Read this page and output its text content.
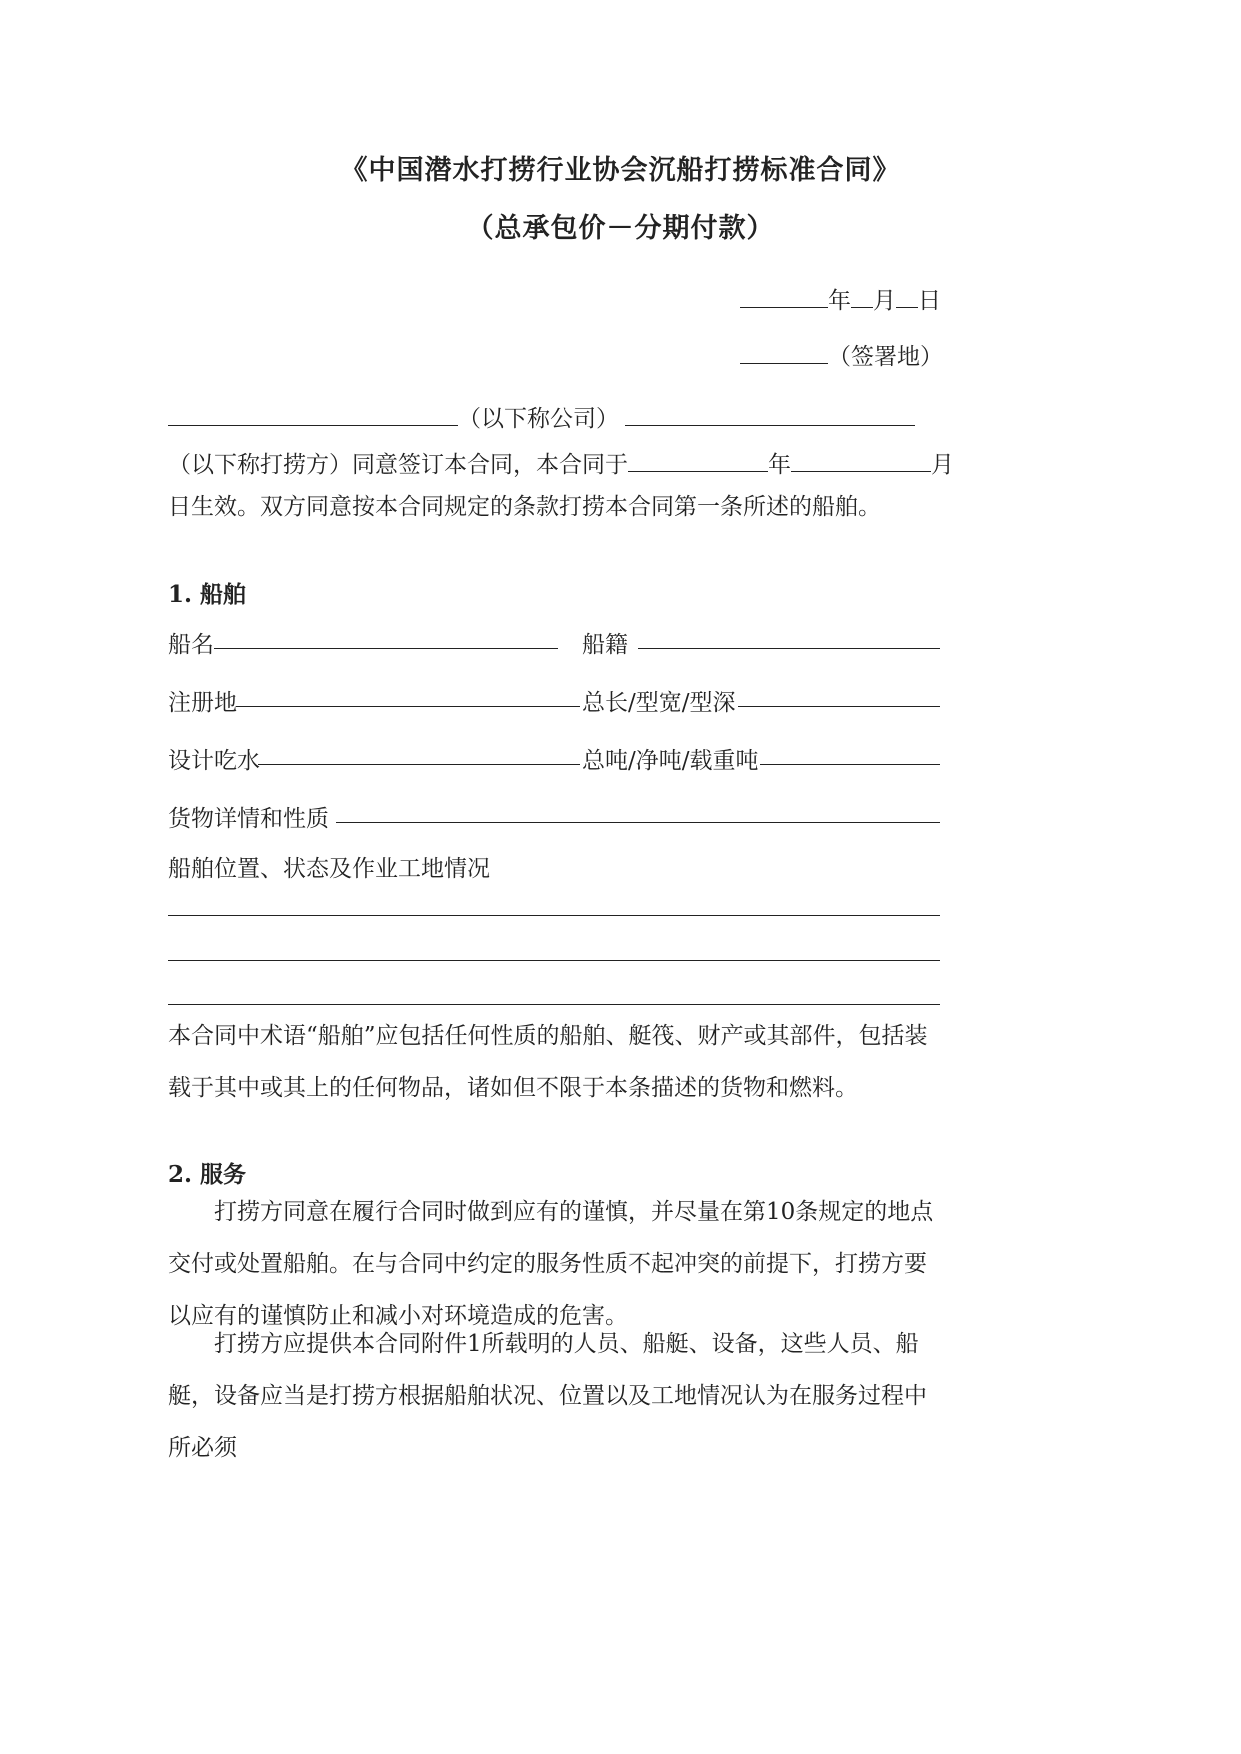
《中国潜水打捞行业协会沉船打捞标准合同》
（总承包价－分期付款）
年 月 日
（签署地）
（以下称公司）
（以下称打捞方）同意签订本合同，本合同于	年	月
日生效。双方同意按本合同规定的条款打捞本合同第一条所述的船舶。
1. 船舶
船名	船籍
注册地	总长/型宽/型深
设计吃水	总吨/净吨/载重吨
货物详情和性质
船舶位置、状态及作业工地情况
本合同中术语“船舶”应包括任何性质的船舶、艇筏、财产或其部件，包括装载于其中或其上的任何物品，诸如但不限于本条描述的货物和燃料。
2. 服务
打捞方同意在履行合同时做到应有的谨慎，并尽量在第10条规定的地点交付或处置船舶。在与合同中约定的服务性质不起冲突的前提下，打捞方要以应有的谨慎防止和减小对环境造成的危害。
打捞方应提供本合同附件1所载明的人员、船艇、设备，这些人员、船艇，设备应当是打捞方根据船舶状况、位置以及工地情况认为在服务过程中所必须
